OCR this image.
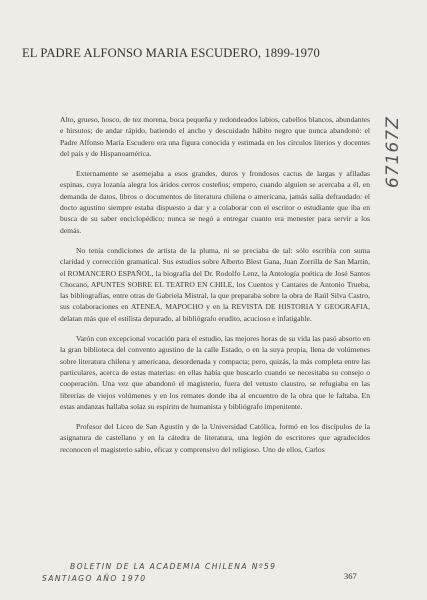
EL PADRE ALFONSO MARIA ESCUDERO, 1899-1970

Alto, grueso, hosco, de tez morena, boca pequeña y redondeados labios, cabellos blancos, abundantes e hirsutos; de andar rápido, batiendo el ancho y descuidado hábito negro que nunca abandonó: el Padre Alfonso María Escudero era una figura conocida y estimada en los círculos literios y docentes del país y de Hispanoamérica.

Externamente se asemejaba a esos grandes, duros y frondosos cactus de largas y afiladas espinas, cuya lozanía alegra los áridos cerros costeños; empero, cuando alguien se acercaba a él, en demanda de datos, libros o documentos de literatura chilena o americana, jamás salía defraudado: el docto agustino siempre estaba dispuesto a dar y a colaborar con el escritor o estudiante que iba en busca de su saber enciclopédico; nunca se negó a entregar cuanto era menester para servir a los demás.

No tenía condiciones de artista de la pluma, ni se preciaba de tal: sólo escribía con suma claridad y corrección gramatical. Sus estudios sobre Alberto Blest Gana, Juan Zorrilla de San Martín, el ROMANCERO ESPAÑOL, la biografía del Dr. Rodolfo Lenz, la Antología poética de José Santos Chocano, APUNTES SOBRE EL TEATRO EN CHILE, los Cuentos y Cantares de Antonio Trueba, las bibliografías, entre otras de Gabriela Mistral, la que preparaba sobre la obra de Raúl Silva Castro, sus colaboraciones en ATENEA, MAPOCHO y en la REVISTA DE HISTORIA Y GEOGRAFIA, delatan más que el estilista depurado, al bibliógrafo erudito, acucioso e infatigable.

Varón con excepcional vocación para el estudio, las mejores horas de su vida las pasó absorto en la gran biblioteca del convento agustino de la calle Estado, o en la suya propia, llena de volúmenes sobre literatura chilena y americana, desordenada y compacta; pero, quizás, la más completa entre las particulares, acerca de estas materias: en ellas había que buscarlo cuando se necesitaba su consejo o cooperación. Una vez que abandonó el magisterio, fuera del vetusto claustro, se refugiaba en las librerías de viejos volúmenes y en los remates donde iba al encuentro de la obra que le faltaba. En estas andanzas hallaba solaz su espíritu de humanista y bibliógrafo impenitente.

Profesor del Liceo de San Agustín y de la Universidad Católica, formó en los discípulos de la asignatura de castellano y en la cátedra de literatura, una legión de escritores que agradecidos reconocen el magisterio sabio, eficaz y comprensivo del religioso. Uno de ellos, Carlos

67167Z
BOLETIN DE LA ACADEMIA CHILENA Nº59
SANTIAGO AÑO 1970	367
